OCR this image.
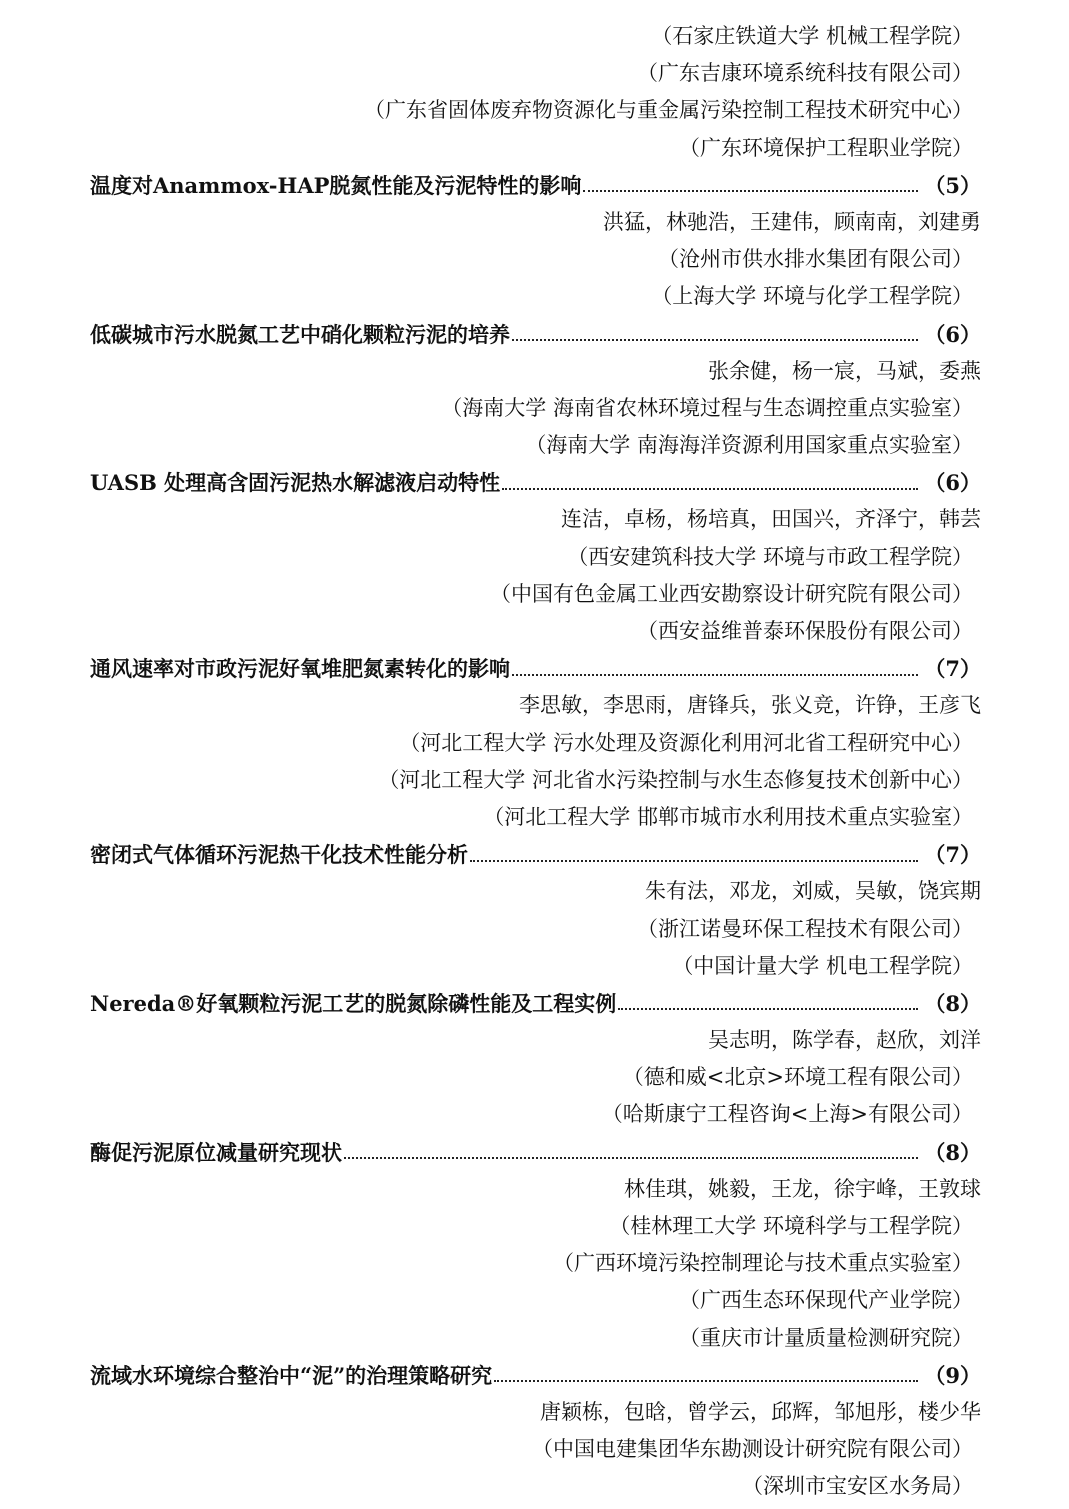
（石家庄铁道大学 机械工程学院）
（广东吉康环境系统科技有限公司）
（广东省固体废弃物资源化与重金属污染控制工程技术研究中心）
（广东环境保护工程职业学院）
温度对Anammox-HAP脱氮性能及污泥特性的影响	（5）
洪猛，林驰浩，王建伟，顾南南，刘建勇
（沧州市供水排水集团有限公司）
（上海大学 环境与化学工程学院）
低碳城市污水脱氮工艺中硝化颗粒污泥的培养	（6）
张余健，杨一宸，马斌，委燕
（海南大学 海南省农林环境过程与生态调控重点实验室）
（海南大学 南海海洋资源利用国家重点实验室）
UASB 处理高含固污泥热水解滤液启动特性	（6）
连洁，卓杨，杨培真，田国兴，齐泽宁，韩芸
（西安建筑科技大学 环境与市政工程学院）
（中国有色金属工业西安勘察设计研究院有限公司）
（西安益维普泰环保股份有限公司）
通风速率对市政污泥好氧堆肥氮素转化的影响	（7）
李思敏，李思雨，唐锋兵，张义竞，许铮，王彦飞
（河北工程大学 污水处理及资源化利用河北省工程研究中心）
（河北工程大学 河北省水污染控制与水生态修复技术创新中心）
（河北工程大学 邯郸市城市水利用技术重点实验室）
密闭式气体循环污泥热干化技术性能分析	（7）
朱有法，邓龙，刘威，吴敏，饶宾期
（浙江诺曼环保工程技术有限公司）
（中国计量大学 机电工程学院）
Nereda®好氧颗粒污泥工艺的脱氮除磷性能及工程实例	（8）
吴志明，陈学春，赵欣，刘洋
（德和威<北京>环境工程有限公司）
（哈斯康宁工程咨询<上海>有限公司）
酶促污泥原位减量研究现状	（8）
林佳琪，姚毅，王龙，徐宇峰，王敦球
（桂林理工大学 环境科学与工程学院）
（广西环境污染控制理论与技术重点实验室）
（广西生态环保现代产业学院）
（重庆市计量质量检测研究院）
流域水环境综合整治中“泥”的治理策略研究	（9）
唐颖栋，包晗，曾学云，邱辉，邹旭彤，楼少华
（中国电建集团华东勘测设计研究院有限公司）
（深圳市宝安区水务局）
